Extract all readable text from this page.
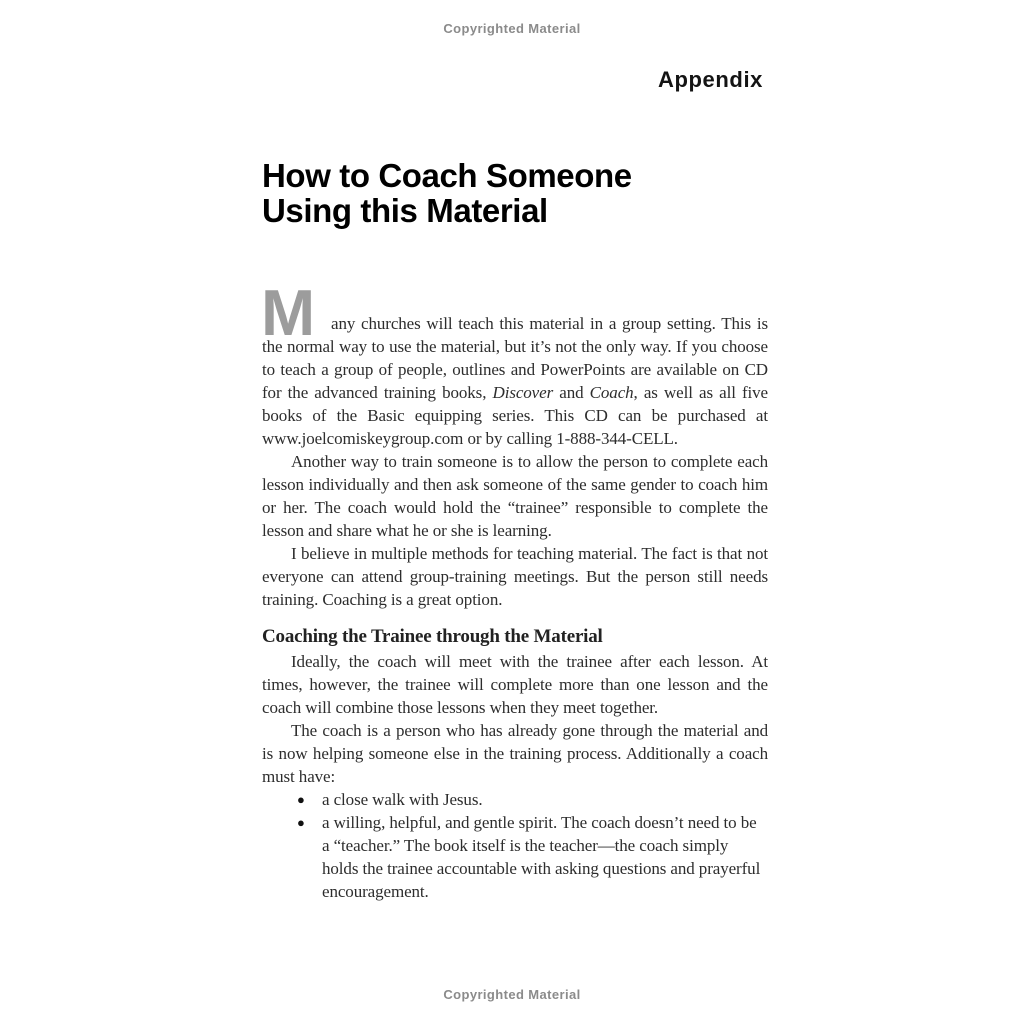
Copyrighted Material
Appendix
How to Coach Someone
Using this Material
M any churches will teach this material in a group setting. This is the normal way to use the material, but it’s not the only way. If you choose to teach a group of people, outlines and PowerPoints are available on CD for the advanced training books, Discover and Coach, as well as all five books of the Basic equipping series. This CD can be purchased at www.joelcomiskeygroup.com or by calling 1-888-344-CELL.

Another way to train someone is to allow the person to complete each lesson individually and then ask someone of the same gender to coach him or her. The coach would hold the “trainee” responsible to complete the lesson and share what he or she is learning.

I believe in multiple methods for teaching material. The fact is that not everyone can attend group-training meetings. But the person still needs training. Coaching is a great option.

Coaching the Trainee through the Material

Ideally, the coach will meet with the trainee after each lesson. At times, however, the trainee will complete more than one lesson and the coach will combine those lessons when they meet together.

The coach is a person who has already gone through the material and is now helping someone else in the training process. Additionally a coach must have:

● a close walk with Jesus.
● a willing, helpful, and gentle spirit. The coach doesn’t need to be a “teacher.” The book itself is the teacher—the coach simply holds the trainee accountable with asking questions and prayerful encouragement.
Copyrighted Material
